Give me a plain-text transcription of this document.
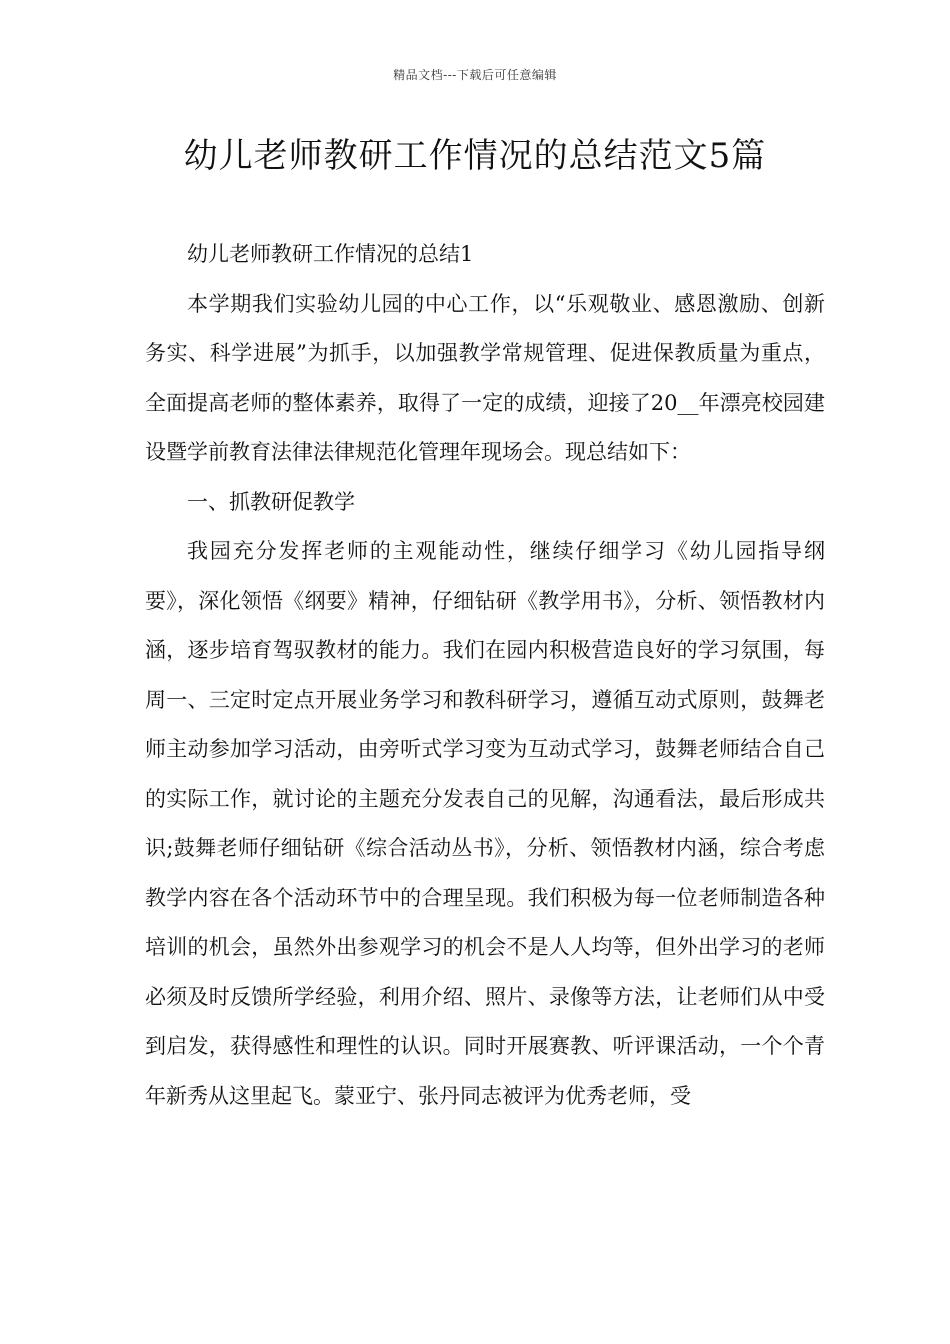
精品文档---下载后可任意编辑
幼儿老师教研工作情况的总结范文5篇

幼儿老师教研工作情况的总结1

本学期我们实验幼儿园的中心工作，以“乐观敬业、感恩激励、创新务实、科学进展”为抓手，以加强教学常规管理、促进保教质量为重点，全面提高老师的整体素养，取得了一定的成绩，迎接了20__年漂亮校园建设暨学前教育法律法律规范化管理年现场会。现总结如下：

一、抓教研促教学

我园充分发挥老师的主观能动性，继续仔细学习《幼儿园指导纲要》，深化领悟《纲要》精神，仔细钻研《教学用书》，分析、领悟教材内涵，逐步培育驾驭教材的能力。我们在园内积极营造良好的学习氛围，每周一、三定时定点开展业务学习和教科研学习，遵循互动式原则，鼓舞老师主动参加学习活动，由旁听式学习变为互动式学习，鼓舞老师结合自己的实际工作，就讨论的主题充分发表自己的见解，沟通看法，最后形成共识;鼓舞老师仔细钻研《综合活动丛书》，分析、领悟教材内涵，综合考虑教学内容在各个活动环节中的合理呈现。我们积极为每一位老师制造各种培训的机会，虽然外出参观学习的机会不是人人均等，但外出学习的老师必须及时反馈所学经验，利用介绍、照片、录像等方法，让老师们从中受到启发，获得感性和理性的认识。同时开展赛教、听评课活动，一个个青年新秀从这里起飞。蒙亚宁、张丹同志被评为优秀老师，受
